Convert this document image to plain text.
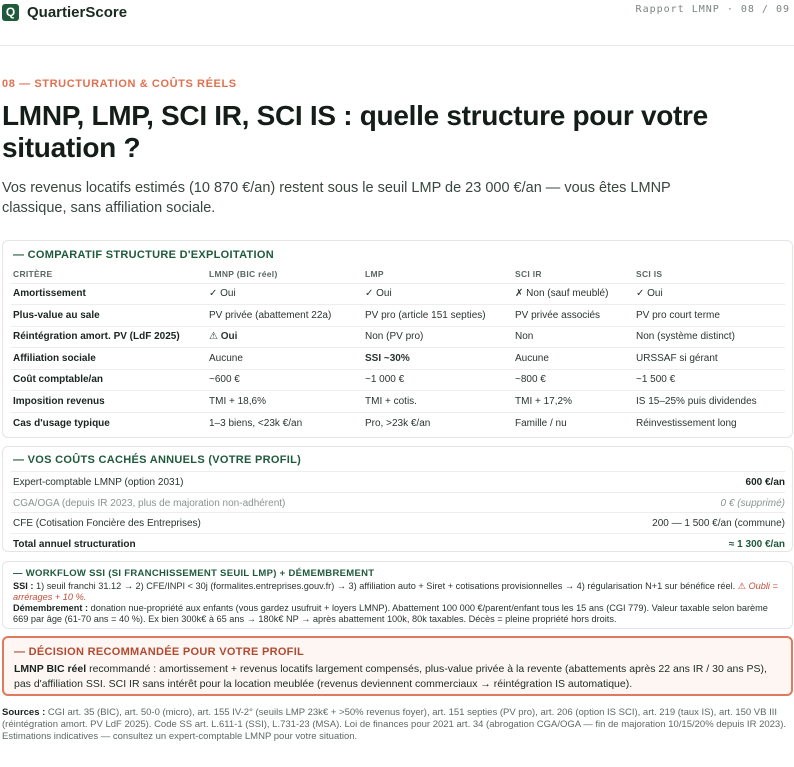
Q QuartierScore	Rapport LMNP · 08 / 09
08 — STRUCTURATION & COÛTS RÉELS
LMNP, LMP, SCI IR, SCI IS : quelle structure pour votre situation ?

Vos revenus locatifs estimés (10 870 €/an) restent sous le seuil LMP de 23 000 €/an — vous êtes LMNP classique, sans affiliation sociale.

— COMPARATIF STRUCTURE D'EXPLOITATION
CRITÈRE	LMNP (BIC réel)	LMP	SCI IR	SCI IS
Amortissement	✓ Oui	✓ Oui	✗ Non (sauf meublé)	✓ Oui
Plus-value au sale	PV privée (abattement 22a)	PV pro (article 151 septies)	PV privée associés	PV pro court terme
Réintégration amort. PV (LdF 2025)	⚠ Oui	Non (PV pro)	Non	Non (système distinct)
Affiliation sociale	Aucune	SSI ~30%	Aucune	URSSAF si gérant
Coût comptable/an	~600 €	~1 000 €	~800 €	~1 500 €
Imposition revenus	TMI + 18,6%	TMI + cotis.	TMI + 17,2%	IS 15–25% puis dividendes
Cas d'usage typique	1–3 biens, <23k €/an	Pro, >23k €/an	Famille / nu	Réinvestissement long
— VOS COÛTS CACHÉS ANNUELS (VOTRE PROFIL)
Expert-comptable LMNP (option 2031)	600 €/an
CGA/OGA (depuis IR 2023, plus de majoration non-adhérent)	0 € (supprimé)
CFE (Cotisation Foncière des Entreprises)	200 — 1 500 €/an (commune)
Total annuel structuration	≈ 1 300 €/an
— WORKFLOW SSI (SI FRANCHISSEMENT SEUIL LMP) + DÉMEMBREMENT

SSI : 1) seuil franchi 31.12 → 2) CFE/INPI < 30j (formalites.entreprises.gouv.fr) → 3) affiliation auto + Siret + cotisations provisionnelles → 4) régularisation N+1 sur bénéfice réel. ⚠ Oubli = arrérages + 10 %.

Démembrement : donation nue-propriété aux enfants (vous gardez usufruit + loyers LMNP). Abattement 100 000 €/parent/enfant tous les 15 ans (CGI 779). Valeur taxable selon barème 669 par âge (61-70 ans = 40 %). Ex bien 300k€ à 65 ans → 180k€ NP → après abattement 100k, 80k taxables. Décès = pleine propriété hors droits.

— DÉCISION RECOMMANDÉE POUR VOTRE PROFIL

LMNP BIC réel recommandé : amortissement + revenus locatifs largement compensés, plus-value privée à la revente (abattements après 22 ans IR / 30 ans PS), pas d'affiliation SSI. SCI IR sans intérêt pour la location meublée (revenus deviennent commerciaux → réintégration IS automatique).

Sources : CGI art. 35 (BIC), art. 50-0 (micro), art. 155 IV-2° (seuils LMP 23k€ + >50% revenus foyer), art. 151 septies (PV pro), art. 206 (option IS SCI), art. 219 (taux IS), art. 150 VB III (réintégration amort. PV LdF 2025). Code SS art. L.611-1 (SSI), L.731-23 (MSA). Loi de finances pour 2021 art. 34 (abrogation CGA/OGA — fin de majoration 10/15/20% depuis IR 2023). Estimations indicatives — consultez un expert-comptable LMNP pour votre situation.
